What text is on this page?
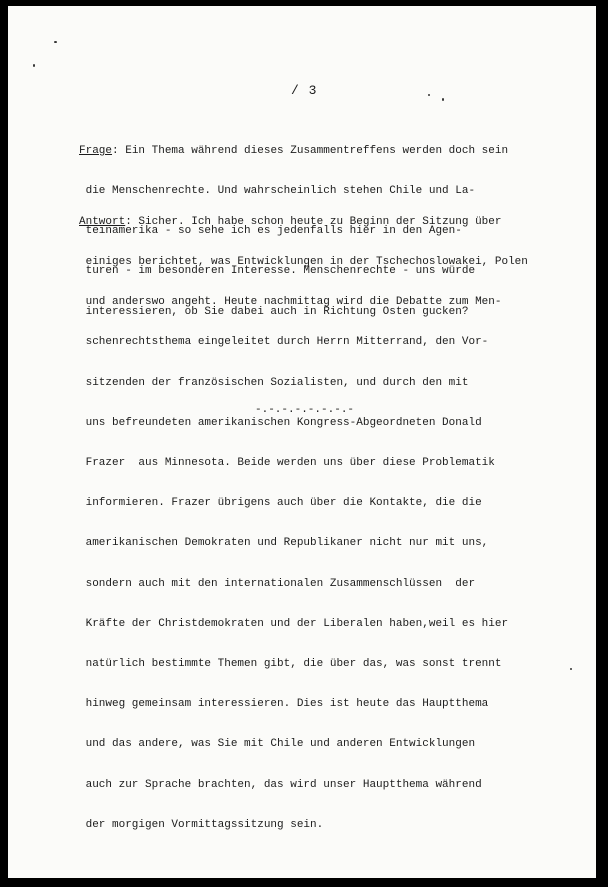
/ 3

Frage: Ein Thema während dieses Zusammentreffens werden doch sein

die Menschenrechte. Und wahrscheinlich stehen Chile und La-

teinamerika - so sehe ich es jedenfalls hier in den Agen-

turen - im besonderen Interesse. Menschenrechte - uns würde

interessieren, ob Sie dabei auch in Richtung Osten gucken?

Antwort: Sicher. Ich habe schon heute zu Beginn der Sitzung über

einiges berichtet, was Entwicklungen in der Tschechoslowakei, Polen

und anderswo angeht. Heute nachmittag wird die Debatte zum Men-

schenrechtsthema eingeleitet durch Herrn Mitterrand, den Vor-

sitzenden der französischen Sozialisten, und durch den mit

uns befreundeten amerikanischen Kongress-Abgeordneten Donald

Frazer  aus Minnesota. Beide werden uns über diese Problematik

informieren. Frazer übrigens auch über die Kontakte, die die

amerikanischen Demokraten und Republikaner nicht nur mit uns,

sondern auch mit den internationalen Zusammenschlüssen  der

Kräfte der Christdemokraten und der Liberalen haben,weil es hier

natürlich bestimmte Themen gibt, die über das, was sonst trennt

hinweg gemeinsam interessieren. Dies ist heute das Hauptthema

und das andere, was Sie mit Chile und anderen Entwicklungen

auch zur Sprache brachten, das wird unser Hauptthema während

der morgigen Vormittagssitzung sein.

-.-.-.-.-.-.-.-
